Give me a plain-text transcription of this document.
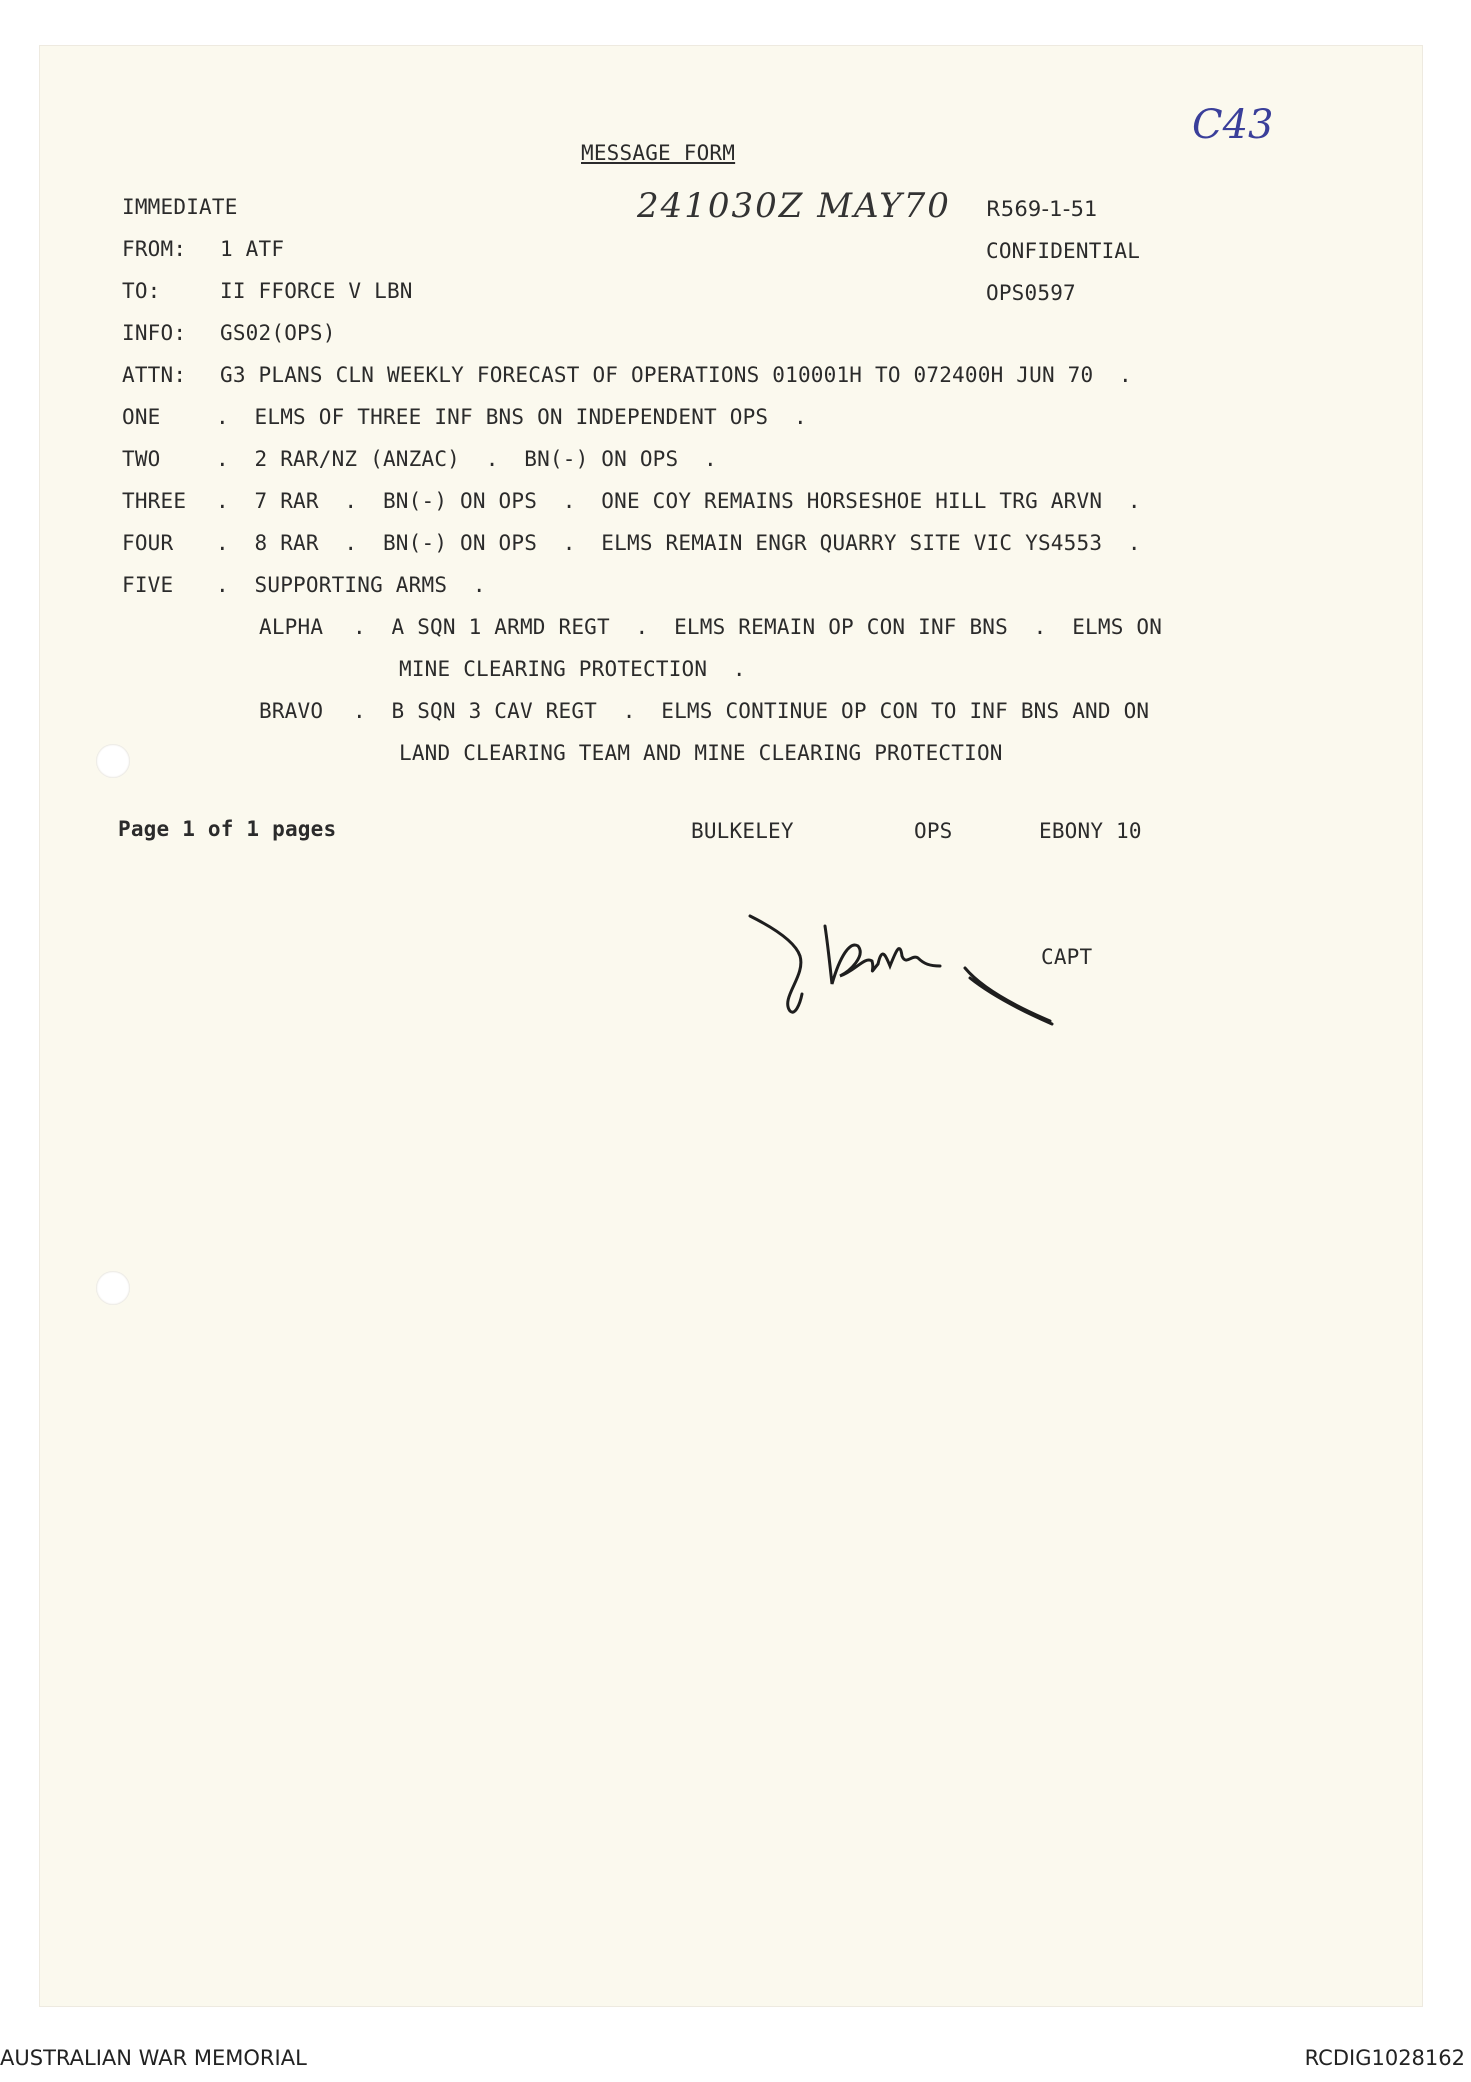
C43
MESSAGE FORM
IMMEDIATE	241030Z MAY70 R569-1-51
CONFIDENTIAL
OPS0597
FROM: 1 ATF
TO:	II FFORCE V LBN
INFO: GS02(OPS)
ATTN: G3 PLANS CLN WEEKLY FORECAST OF OPERATIONS 010001H TO 072400H JUN 70  .
ONE	.  ELMS OF THREE INF BNS ON INDEPENDENT OPS  .
TWO	.  2 RAR/NZ (ANZAC)  .  BN(-) ON OPS  .
THREE .  7 RAR  .  BN(-) ON OPS  .  ONE COY REMAINS HORSESHOE HILL TRG ARVN  .
FOUR .  8 RAR  .  BN(-) ON OPS  .  ELMS REMAIN ENGR QUARRY SITE VIC YS4553  .
FIVE .  SUPPORTING ARMS  .
ALPHA .  A SQN 1 ARMD REGT  .  ELMS REMAIN OP CON INF BNS  .  ELMS ON
MINE CLEARING PROTECTION  .
BRAVO .  B SQN 3 CAV REGT  .  ELMS CONTINUE OP CON TO INF BNS AND ON
LAND CLEARING TEAM AND MINE CLEARING PROTECTION
Page 1 of 1 pages	BULKELEY	OPS	EBONY 10
CAPT
AUSTRALIAN WAR MEMORIAL	RCDIG1028162
